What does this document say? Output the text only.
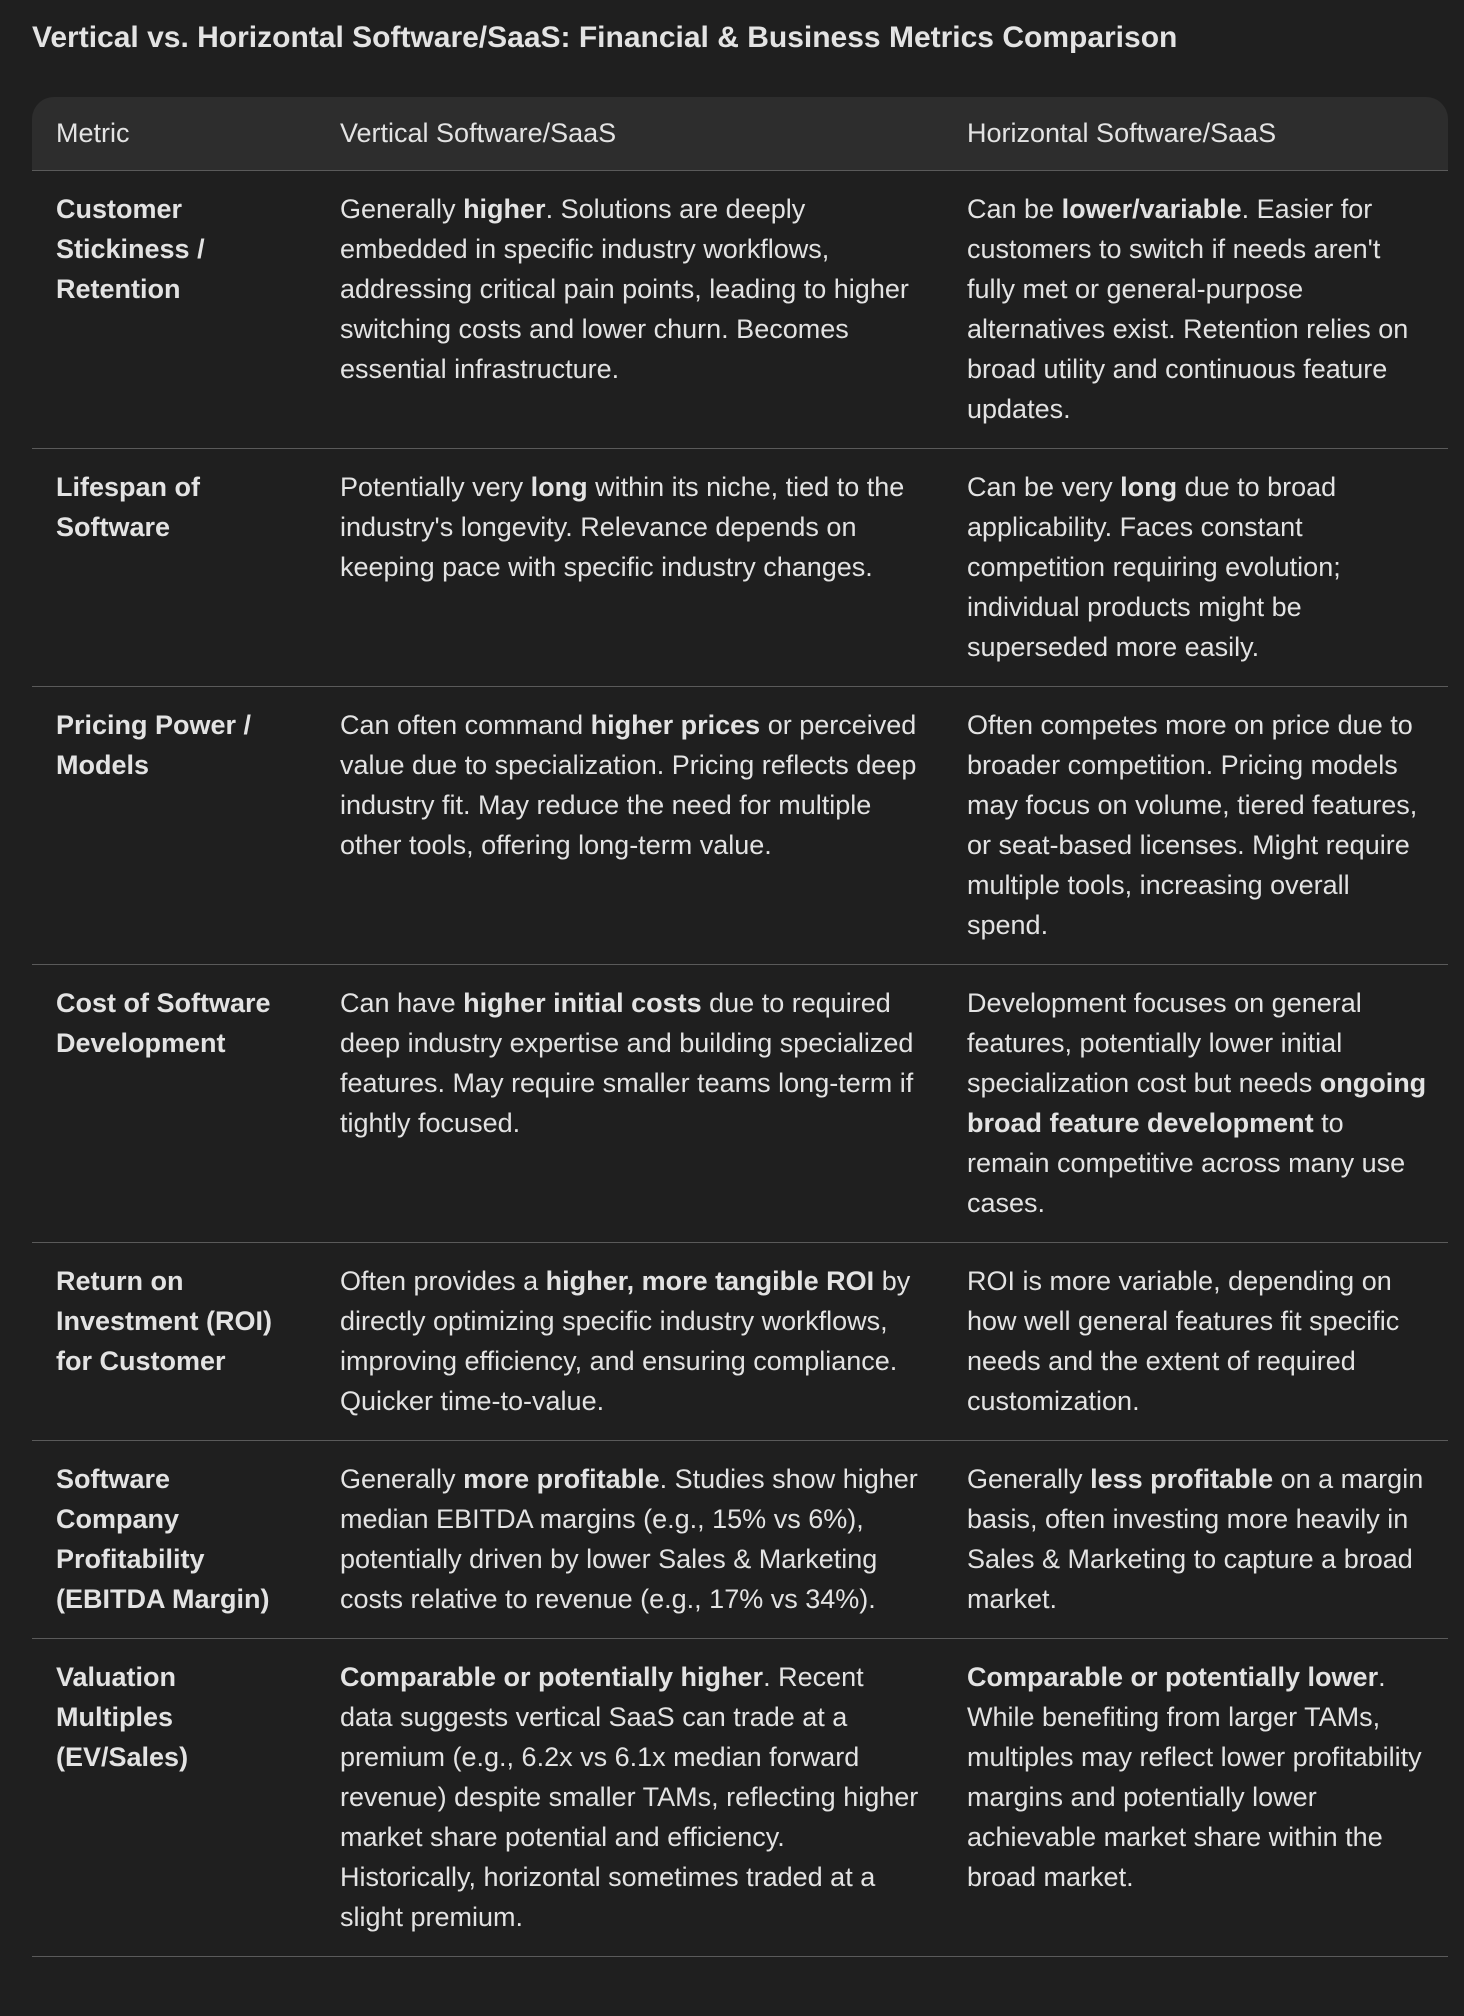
Vertical vs. Horizontal Software/SaaS: Financial & Business Metrics Comparison
Metric	Vertical Software/SaaS	Horizontal Software/SaaS
Customer Stickiness / Retention	Generally higher. Solutions are deeply embedded in specific industry workflows, addressing critical pain points, leading to higher switching costs and lower churn. Becomes essential infrastructure.	Can be lower/variable. Easier for customers to switch if needs aren't fully met or general-purpose alternatives exist. Retention relies on broad utility and continuous feature updates.
Lifespan of Software	Potentially very long within its niche, tied to the industry's longevity. Relevance depends on keeping pace with specific industry changes.	Can be very long due to broad applicability. Faces constant competition requiring evolution; individual products might be superseded more easily.
Pricing Power / Models	Can often command higher prices or perceived value due to specialization. Pricing reflects deep industry fit. May reduce the need for multiple other tools, offering long-term value.	Often competes more on price due to broader competition. Pricing models may focus on volume, tiered features, or seat-based licenses. Might require multiple tools, increasing overall spend.
Cost of Software Development	Can have higher initial costs due to required deep industry expertise and building specialized features. May require smaller teams long-term if tightly focused.	Development focuses on general features, potentially lower initial specialization cost but needs ongoing broad feature development to remain competitive across many use cases.
Return on Investment (ROI) for Customer	Often provides a higher, more tangible ROI by directly optimizing specific industry workflows, improving efficiency, and ensuring compliance. Quicker time-to-value.	ROI is more variable, depending on how well general features fit specific needs and the extent of required customization.
Software Company Profitability (EBITDA Margin)	Generally more profitable. Studies show higher median EBITDA margins (e.g., 15% vs 6%), potentially driven by lower Sales & Marketing costs relative to revenue (e.g., 17% vs 34%).	Generally less profitable on a margin basis, often investing more heavily in Sales & Marketing to capture a broad market.
Valuation Multiples (EV/Sales)	Comparable or potentially higher. Recent data suggests vertical SaaS can trade at a premium (e.g., 6.2x vs 6.1x median forward revenue) despite smaller TAMs, reflecting higher market share potential and efficiency. Historically, horizontal sometimes traded at a slight premium.	Comparable or potentially lower. While benefiting from larger TAMs, multiples may reflect lower profitability margins and potentially lower achievable market share within the broad market.
